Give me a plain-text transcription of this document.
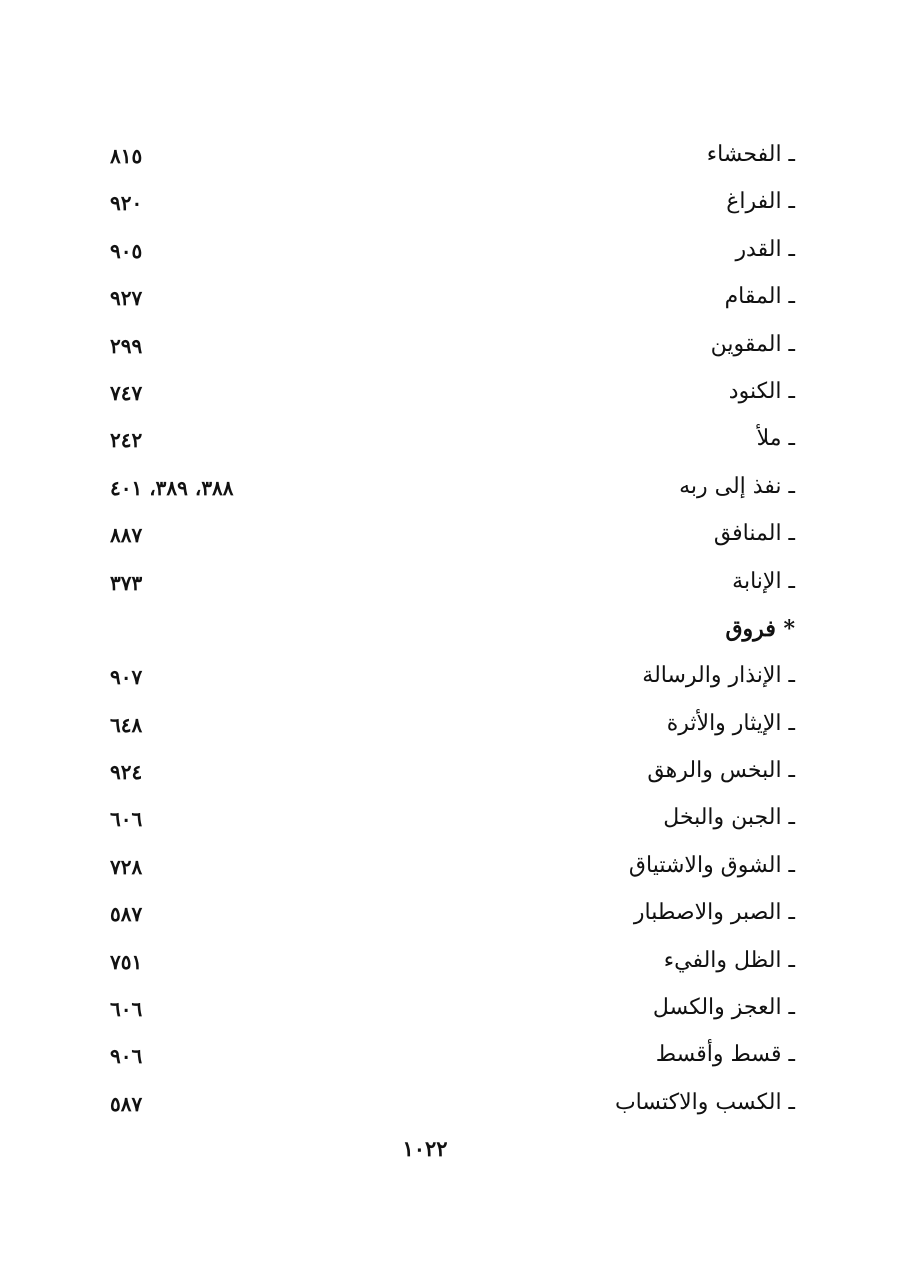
ـ الفحشاء
٨١٥
ـ الفراغ
٩٢٠
ـ القدر
٩٠٥
ـ المقام
٩٢٧
ـ المقوين
٢٩٩
ـ الكنود
٧٤٧
ـ ملأ
٢٤٢
ـ نفذ إلى ربه
٣٨٨، ٣٨٩، ٤٠١
ـ المنافق
٨٨٧
ـ الإنابة
٣٧٣
* فروق
ـ الإنذار والرسالة
٩٠٧
ـ الإيثار والأثرة
٦٤٨
ـ البخس والرهق
٩٢٤
ـ الجبن والبخل
٦٠٦
ـ الشوق والاشتياق
٧٢٨
ـ الصبر والاصطبار
٥٨٧
ـ الظل والفيء
٧٥١
ـ العجز والكسل
٦٠٦
ـ قسط وأقسط
٩٠٦
ـ الكسب والاكتساب
٥٨٧
١٠٢٢
